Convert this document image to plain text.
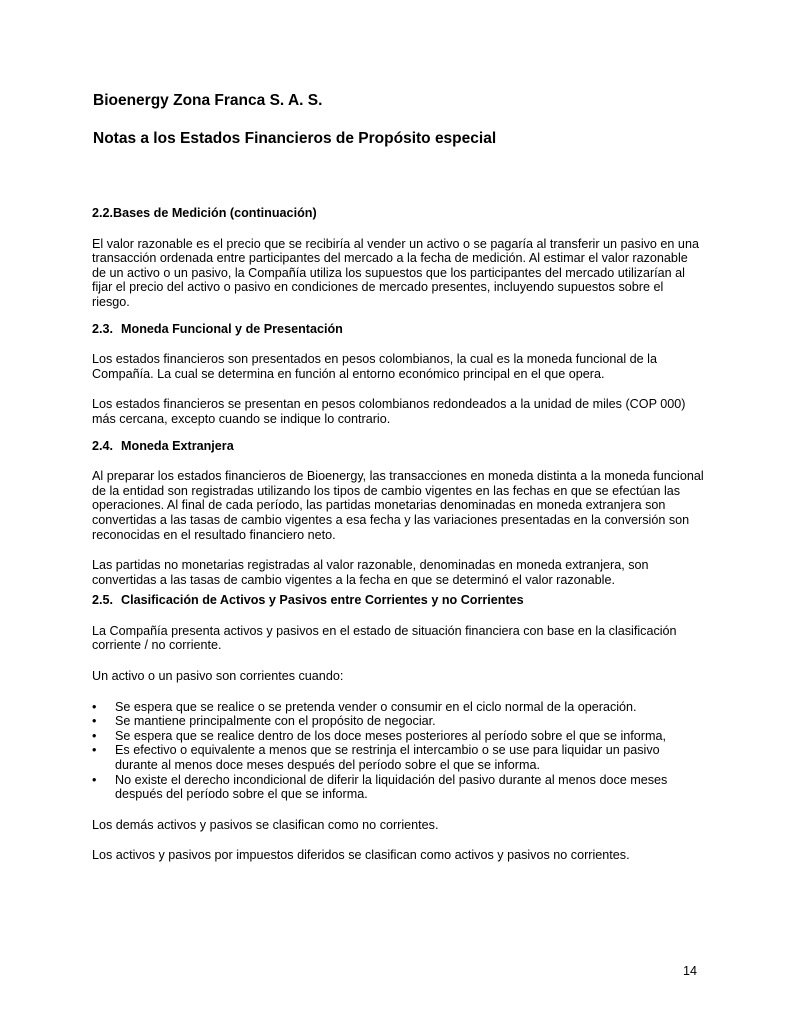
Bioenergy Zona Franca S. A. S.
Notas a los Estados Financieros de Propósito especial
2.2.Bases de Medición (continuación)

El valor razonable es el precio que se recibiría al vender un activo o se pagaría al transferir un pasivo en una transacción ordenada entre participantes del mercado a la fecha de medición. Al estimar el valor razonable de un activo o un pasivo, la Compañía utiliza los supuestos que los participantes del mercado utilizarían al fijar el precio del activo o pasivo en condiciones de mercado presentes, incluyendo supuestos sobre el riesgo.

2.3. Moneda Funcional y de Presentación

Los estados financieros son presentados en pesos colombianos, la cual es la moneda funcional de la Compañía. La cual se determina en función al entorno económico principal en el que opera.

Los estados financieros se presentan en pesos colombianos redondeados a la unidad de miles (COP 000) más cercana, excepto cuando se indique lo contrario.

2.4. Moneda Extranjera

Al preparar los estados financieros de Bioenergy, las transacciones en moneda distinta a la moneda funcional de la entidad son registradas utilizando los tipos de cambio vigentes en las fechas en que se efectúan las operaciones. Al final de cada período, las partidas monetarias denominadas en moneda extranjera son convertidas a las tasas de cambio vigentes a esa fecha y las variaciones presentadas en la conversión son reconocidas en el resultado financiero neto.

Las partidas no monetarias registradas al valor razonable, denominadas en moneda extranjera, son convertidas a las tasas de cambio vigentes a la fecha en que se determinó el valor razonable.

2.5. Clasificación de Activos y Pasivos entre Corrientes y no Corrientes

La Compañía presenta activos y pasivos en el estado de situación financiera con base en la clasificación corriente / no corriente.

Un activo o un pasivo son corrientes cuando:

• Se espera que se realice o se pretenda vender o consumir en el ciclo normal de la operación.
• Se mantiene principalmente con el propósito de negociar.
• Se espera que se realice dentro de los doce meses posteriores al período sobre el que se informa,
• Es efectivo o equivalente a menos que se restrinja el intercambio o se use para liquidar un pasivo durante al menos doce meses después del período sobre el que se informa.
• No existe el derecho incondicional de diferir la liquidación del pasivo durante al menos doce meses después del período sobre el que se informa.

Los demás activos y pasivos se clasifican como no corrientes.

Los activos y pasivos por impuestos diferidos se clasifican como activos y pasivos no corrientes.

14
